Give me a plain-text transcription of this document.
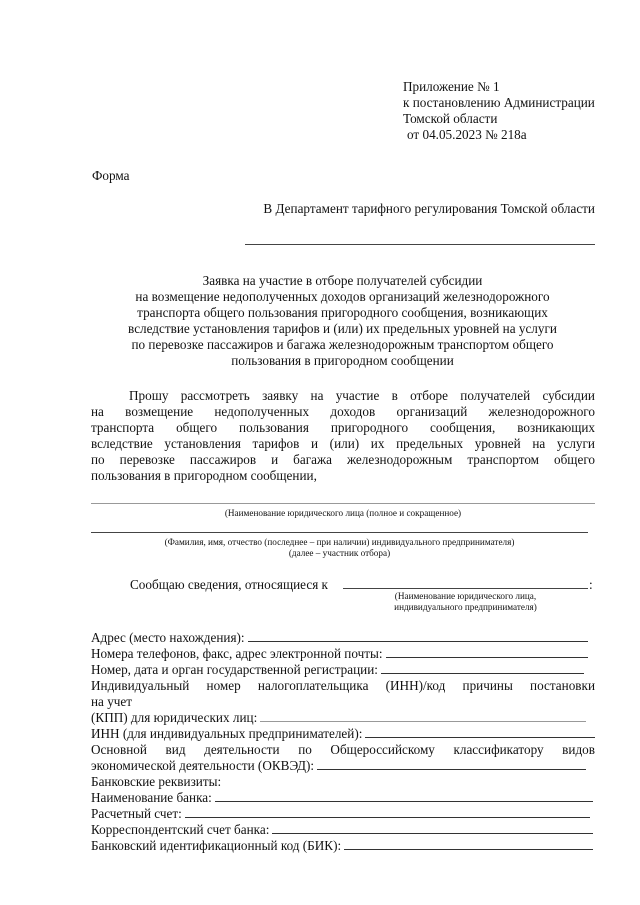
Приложение № 1
к постановлению Администрации
Томской области
от 04.05.2023 № 218а
Форма
В Департамент тарифного регулирования Томской области
Заявка на участие в отборе получателей субсидии
на возмещение недополученных доходов организаций железнодорожного
транспорта общего пользования пригородного сообщения, возникающих
вследствие установления тарифов и (или) их предельных уровней на услуги
по перевозке пассажиров и багажа железнодорожным транспортом общего
пользования в пригородном сообщении
Прошу рассмотреть заявку на участие в отборе получателей субсидии
на возмещение недополученных доходов организаций железнодорожного
транспорта общего пользования пригородного сообщения, возникающих
вследствие установления тарифов и (или) их предельных уровней на услуги
по перевозке пассажиров и багажа железнодорожным транспортом общего
пользования в пригородном сообщении,
(Наименование юридического лица (полное и сокращенное)
(Фамилия, имя, отчество (последнее – при наличии) индивидуального предпринимателя)
(далее – участник отбора)
Сообщаю сведения, относящиеся к	:
(Наименование юридического лица,
индивидуального предпринимателя)
Адрес (место нахождения):
Номера телефонов, факс, адрес электронной почты:
Номер, дата и орган государственной регистрации:
Индивидуальный номер налогоплательщика (ИНН)/код причины постановки
на учет
(КПП) для юридических лиц:
ИНН (для индивидуальных предпринимателей):
Основной вид деятельности по Общероссийскому классификатору видов
экономической деятельности (ОКВЭД):
Банковские реквизиты:
Наименование банка:
Расчетный счет:
Корреспондентский счет банка:
Банковский идентификационный код (БИК):
